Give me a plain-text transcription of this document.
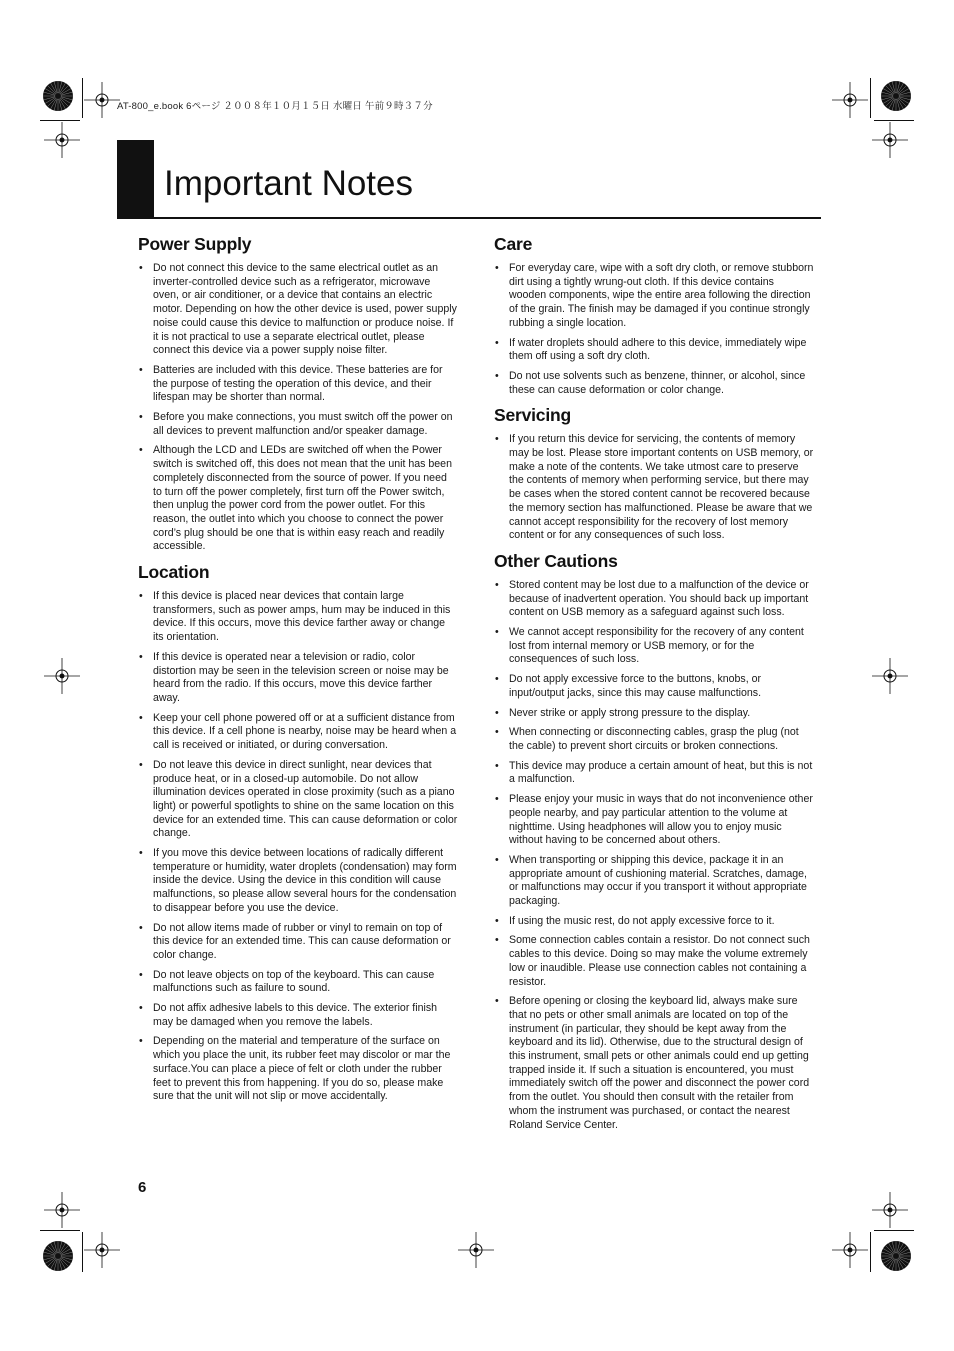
AT-800_e.book 6ページ ２００８年１０月１５日 水曜日 午前９時３７分
Important Notes
Power Supply
• Do not connect this device to the same electrical outlet as an inverter-controlled device such as a refrigerator, microwave oven, or air conditioner, or a device that contains an electric motor. Depending on how the other device is used, power supply noise could cause this device to malfunction or produce noise. If it is not practical to use a separate electrical outlet, please connect this device via a power supply noise filter.
• Batteries are included with this device. These batteries are for the purpose of testing the operation of this device, and their lifespan may be shorter than normal.
• Before you make connections, you must switch off the power on all devices to prevent malfunction and/or speaker damage.
• Although the LCD and LEDs are switched off when the Power switch is switched off, this does not mean that the unit has been completely disconnected from the source of power. If you need to turn off the power completely, first turn off the Power switch, then unplug the power cord from the power outlet. For this reason, the outlet into which you choose to connect the power cord’s plug should be one that is within easy reach and readily accessible.
Location
• If this device is placed near devices that contain large transformers, such as power amps, hum may be induced in this device. If this occurs, move this device farther away or change its orientation.
• If this device is operated near a television or radio, color distortion may be seen in the television screen or noise may be heard from the radio. If this occurs, move this device farther away.
• Keep your cell phone powered off or at a sufficient distance from this device. If a cell phone is nearby, noise may be heard when a call is received or initiated, or during conversation.
• Do not leave this device in direct sunlight, near devices that produce heat, or in a closed-up automobile. Do not allow illumination devices operated in close proximity (such as a piano light) or powerful spotlights to shine on the same location on this device for an extended time. This can cause deformation or color change.
• If you move this device between locations of radically different temperature or humidity, water droplets (condensation) may form inside the device. Using the device in this condition will cause malfunctions, so please allow several hours for the condensation to disappear before you use the device.
• Do not allow items made of rubber or vinyl to remain on top of this device for an extended time. This can cause deformation or color change.
• Do not leave objects on top of the keyboard. This can cause malfunctions such as failure to sound.
• Do not affix adhesive labels to this device. The exterior finish may be damaged when you remove the labels.
• Depending on the material and temperature of the surface on which you place the unit, its rubber feet may discolor or mar the surface.You can place a piece of felt or cloth under the rubber feet to prevent this from happening. If you do so, please make sure that the unit will not slip or move accidentally.
Care
• For everyday care, wipe with a soft dry cloth, or remove stubborn dirt using a tightly wrung-out cloth. If this device contains wooden components, wipe the entire area following the direction of the grain. The finish may be damaged if you continue strongly rubbing a single location.
• If water droplets should adhere to this device, immediately wipe them off using a soft dry cloth.
• Do not use solvents such as benzene, thinner, or alcohol, since these can cause deformation or color change.
Servicing
• If you return this device for servicing, the contents of memory may be lost. Please store important contents on USB memory, or make a note of the contents. We take utmost care to preserve the contents of memory when performing service, but there may be cases when the stored content cannot be recovered because the memory section has malfunctioned. Please be aware that we cannot accept responsibility for the recovery of lost memory content or for any consequences of such loss.
Other Cautions
• Stored content may be lost due to a malfunction of the device or because of inadvertent operation. You should back up important content on USB memory as a safeguard against such loss.
• We cannot accept responsibility for the recovery of any content lost from internal memory or USB memory, or for the consequences of such loss.
• Do not apply excessive force to the buttons, knobs, or input/output jacks, since this may cause malfunctions.
• Never strike or apply strong pressure to the display.
• When connecting or disconnecting cables, grasp the plug (not the cable) to prevent short circuits or broken connections.
• This device may produce a certain amount of heat, but this is not a malfunction.
• Please enjoy your music in ways that do not inconvenience other people nearby, and pay particular attention to the volume at nighttime. Using headphones will allow you to enjoy music without having to be concerned about others.
• When transporting or shipping this device, package it in an appropriate amount of cushioning material. Scratches, damage, or malfunctions may occur if you transport it without appropriate packaging.
• If using the music rest, do not apply excessive force to it.
• Some connection cables contain a resistor. Do not connect such cables to this device. Doing so may make the volume extremely low or inaudible. Please use connection cables not containing a resistor.
• Before opening or closing the keyboard lid, always make sure that no pets or other small animals are located on top of the instrument (in particular, they should be kept away from the keyboard and its lid). Otherwise, due to the structural design of this instrument, small pets or other animals could end up getting trapped inside it. If such a situation is encountered, you must immediately switch off the power and disconnect the power cord from the outlet. You should then consult with the retailer from whom the instrument was purchased, or contact the nearest Roland Service Center.

6
